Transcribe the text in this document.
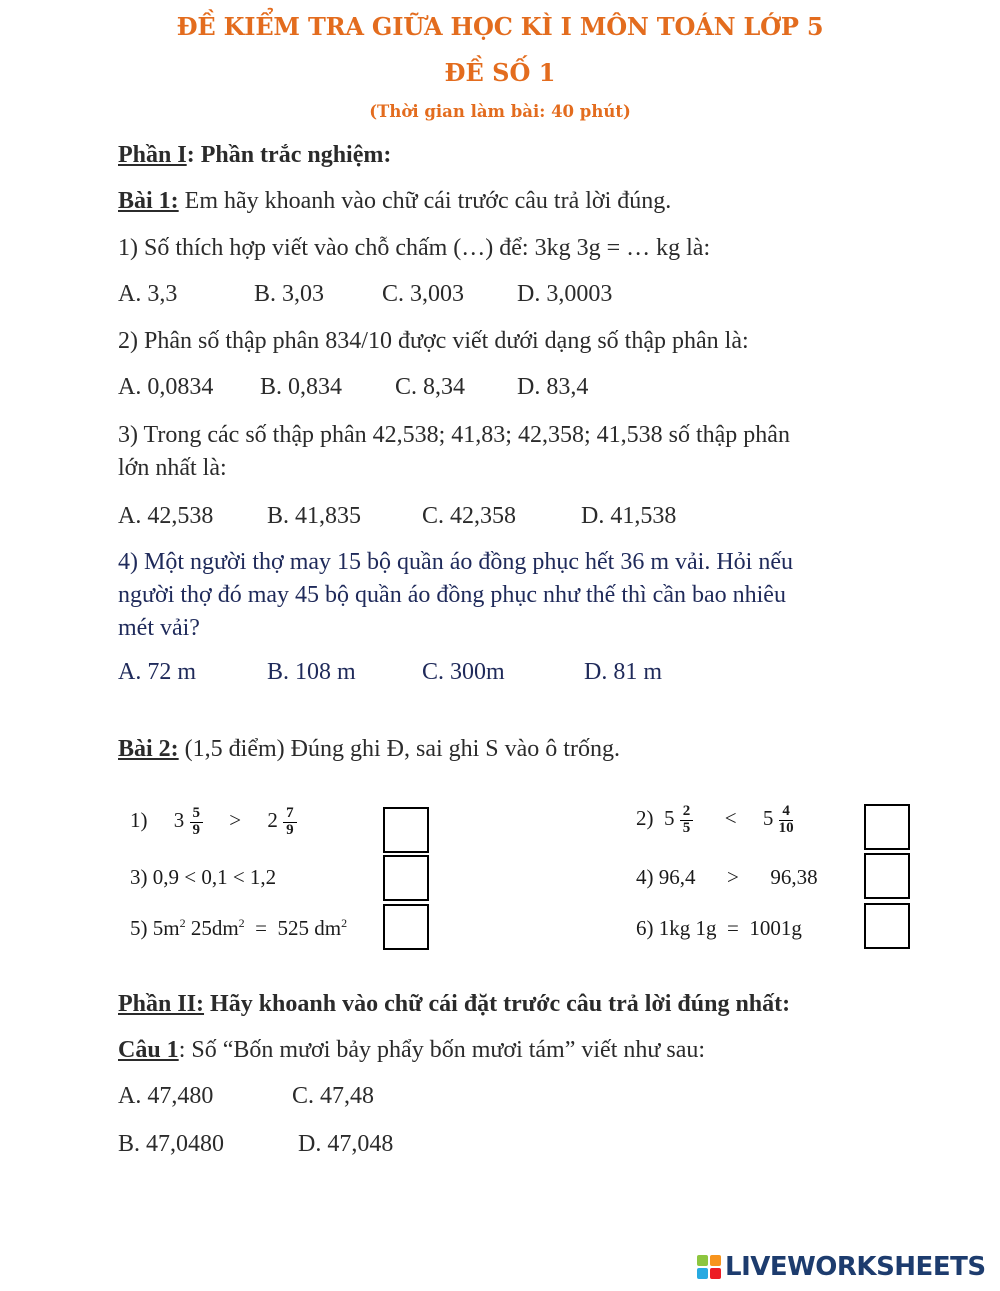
ĐỀ KIỂM TRA GIỮA HỌC KÌ I MÔN TOÁN LỚP 5
ĐỀ SỐ 1
(Thời gian làm bài: 40 phút)
Phần I: Phần trắc nghiệm:
Bài 1: Em hãy khoanh vào chữ cái trước câu trả lời đúng.
1) Số thích hợp viết vào chỗ chấm (…) để: 3kg 3g = … kg là:
A. 3,3	B. 3,03 C. 3,003 D. 3,0003
2) Phân số thập phân 834/10 được viết dưới dạng số thập phân là:
A. 0,0834 B. 0,834 C. 8,34 D. 83,4
3) Trong các số thập phân 42,538; 41,83; 42,358; 41,538 số thập phân
lớn nhất là:
A. 42,538 B. 41,835	C. 42,358	D. 41,538
4) Một người thợ may 15 bộ quần áo đồng phục hết 36 m vải. Hỏi nếu
người thợ đó may 45 bộ quần áo đồng phục như thế thì cần bao nhiêu
mét vải?
A. 72 m	B. 108 m	C. 300m	D. 81 m
Bài 2: (1,5 điểm) Đúng ghi Đ, sai ghi S vào ô trống.
1) $3 \frac{5}{9} > 2 \frac{7}{9}$	2) $5 \frac{2}{5} < 5 \frac{4}{10}$
3) 0,9 < 0,1 < 1,2	4) 96,4 > 96,38
5) $5m^2$ $25dm^2 = 525$ $dm^2$	6) 1kg 1g  =  1001g
Phần II: Hãy khoanh vào chữ cái đặt trước câu trả lời đúng nhất:
Câu 1: Số “Bốn mươi bảy phẩy bốn mươi tám” viết như sau:
A. 47,480	C. 47,48
B. 47,0480	D. 47,048
LIVEWORKSHEETS
